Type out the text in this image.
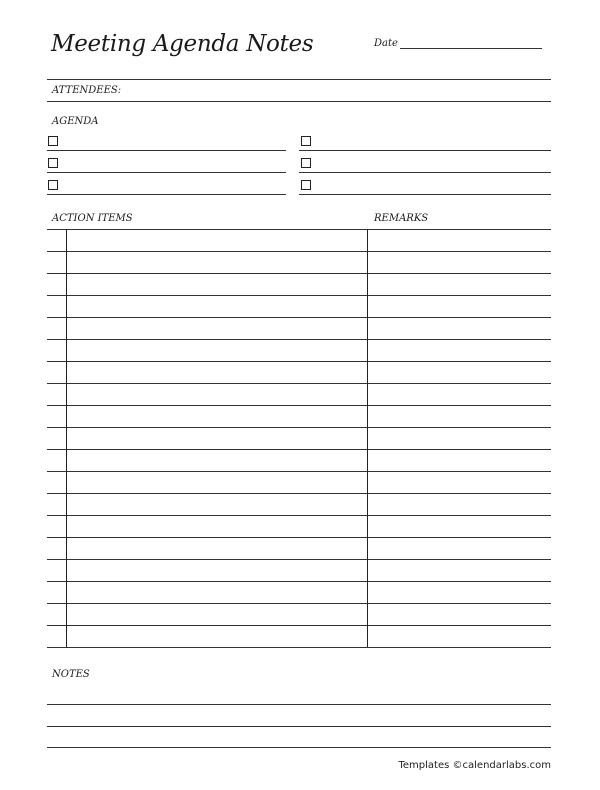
Meeting Agenda Notes	Date
ATTENDEES:
AGENDA
ACTION ITEMS	REMARKS
NOTES
Templates ©calendarlabs.com
